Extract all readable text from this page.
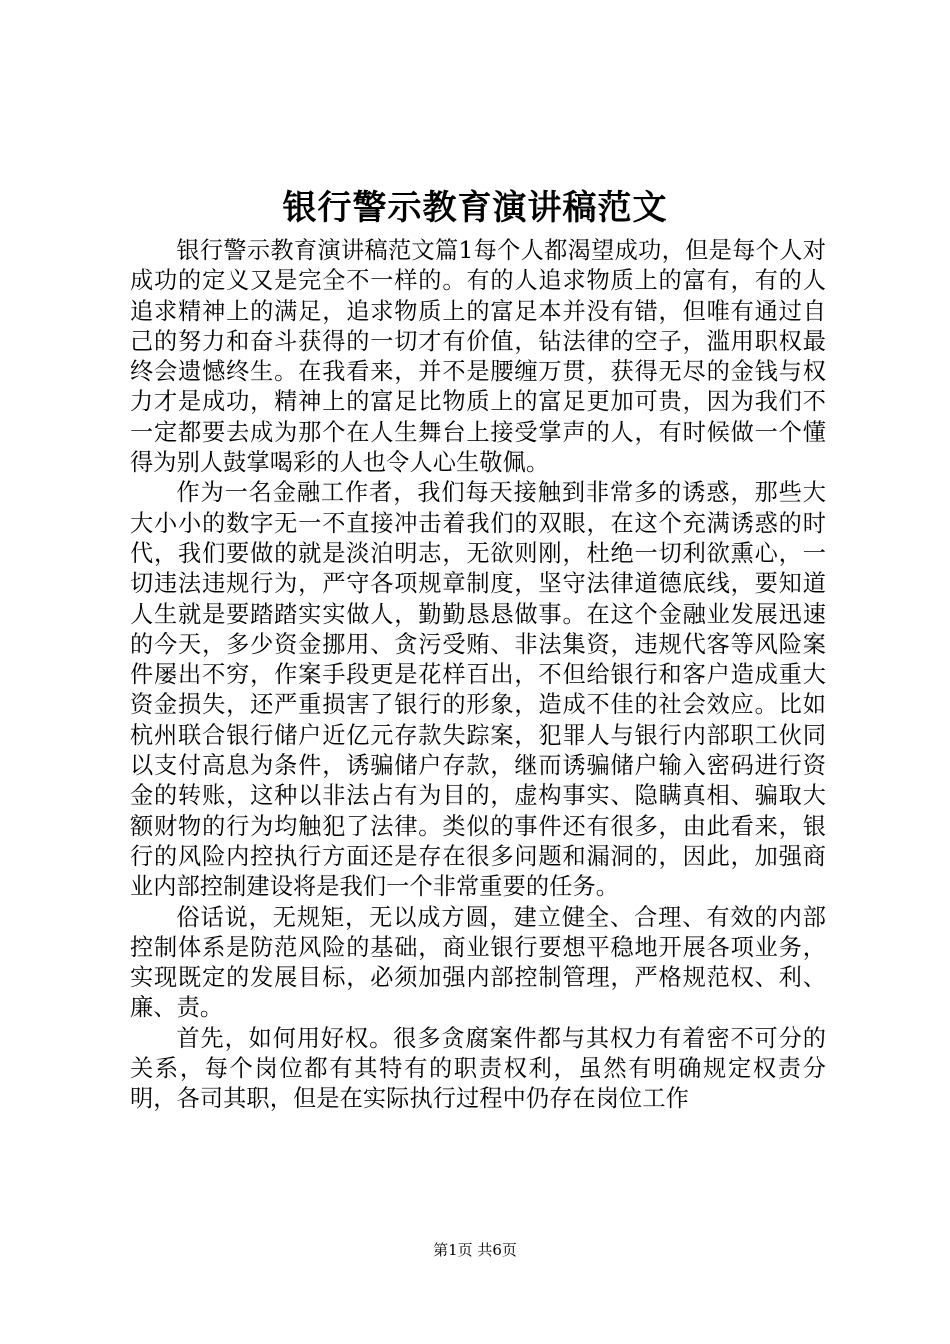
银行警示教育演讲稿范文

银行警示教育演讲稿范文篇1每个人都渴望成功，但是每个人对成功的定义又是完全不一样的。有的人追求物质上的富有，有的人追求精神上的满足，追求物质上的富足本并没有错，但唯有通过自己的努力和奋斗获得的一切才有价值，钻法律的空子，滥用职权最终会遗憾终生。在我看来，并不是腰缠万贯，获得无尽的金钱与权力才是成功，精神上的富足比物质上的富足更加可贵，因为我们不一定都要去成为那个在人生舞台上接受掌声的人，有时候做一个懂得为别人鼓掌喝彩的人也令人心生敬佩。

作为一名金融工作者，我们每天接触到非常多的诱惑，那些大大小小的数字无一不直接冲击着我们的双眼，在这个充满诱惑的时代，我们要做的就是淡泊明志，无欲则刚，杜绝一切利欲熏心，一切违法违规行为，严守各项规章制度，坚守法律道德底线，要知道人生就是要踏踏实实做人，勤勤恳恳做事。在这个金融业发展迅速的今天，多少资金挪用、贪污受贿、非法集资，违规代客等风险案件屡出不穷，作案手段更是花样百出，不但给银行和客户造成重大资金损失，还严重损害了银行的形象，造成不佳的社会效应。比如杭州联合银行储户近亿元存款失踪案，犯罪人与银行内部职工伙同以支付高息为条件，诱骗储户存款，继而诱骗储户输入密码进行资金的转账，这种以非法占有为目的，虚构事实、隐瞒真相、骗取大额财物的行为均触犯了法律。类似的事件还有很多，由此看来，银行的风险内控执行方面还是存在很多问题和漏洞的，因此，加强商业内部控制建设将是我们一个非常重要的任务。

俗话说，无规矩，无以成方圆，建立健全、合理、有效的内部控制体系是防范风险的基础，商业银行要想平稳地开展各项业务，实现既定的发展目标，必须加强内部控制管理，严格规范权、利、廉、责。

首先，如何用好权。很多贪腐案件都与其权力有着密不可分的关系，每个岗位都有其特有的职责权利，虽然有明确规定权责分明，各司其职，但是在实际执行过程中仍存在岗位工作

第1页 共6页
